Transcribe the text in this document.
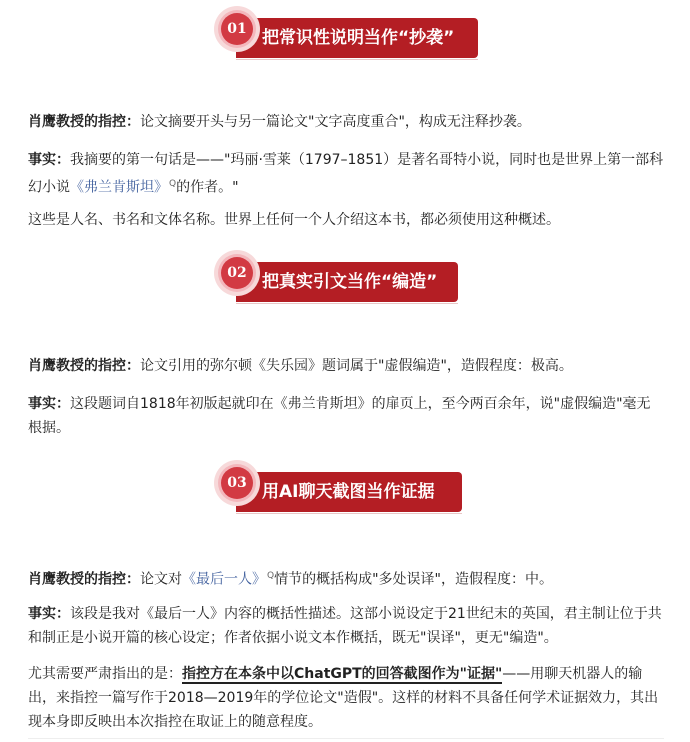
01 把常识性说明当作“抄袭”
肖鹰教授的指控：论文摘要开头与另一篇论文"文字高度重合"，构成无注释抄袭。
事实：我摘要的第一句话是——"玛丽·雪莱（1797–1851）是著名哥特小说，同时也是世界上第一部科幻小说《弗兰肯斯坦》$^Q$的作者。"
这些是人名、书名和文体名称。世界上任何一个人介绍这本书，都必须使用这种概述。
02 把真实引文当作“编造”
肖鹰教授的指控：论文引用的弥尔顿《失乐园》题词属于"虚假编造"，造假程度：极高。
事实：这段题词自1818年初版起就印在《弗兰肯斯坦》的扉页上，至今两百余年，说"虚假编造"毫无根据。
03 用AI聊天截图当作证据
肖鹰教授的指控：论文对《最后一人》$^Q$情节的概括构成"多处误译"，造假程度：中。
事实：该段是我对《最后一人》内容的概括性描述。这部小说设定于21世纪末的英国，君主制让位于共和制正是小说开篇的核心设定；作者依据小说文本作概括，既无"误译"，更无"编造"。
尤其需要严肃指出的是：指控方在本条中以ChatGPT的回答截图作为"证据"——用聊天机器人的输出，来指控一篇写作于2018—2019年的学位论文"造假"。这样的材料不具备任何学术证据效力，其出现本身即反映出本次指控在取证上的随意程度。
